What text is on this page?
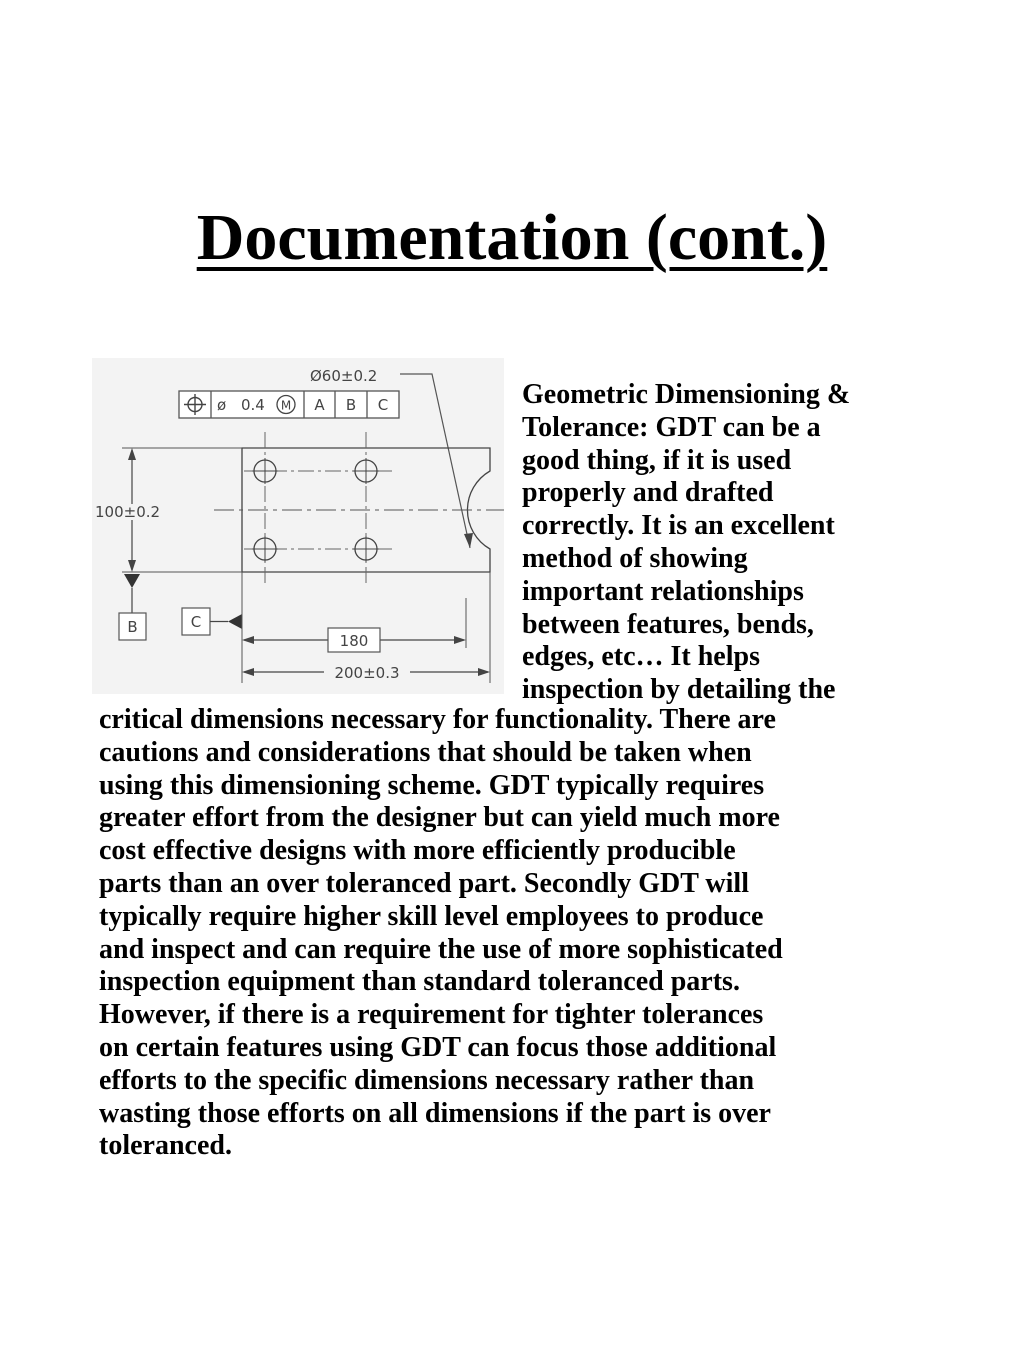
Documentation (cont.)
ø 0.4 M A B C
Ø60±0.2
100±0.2
B	C
180
200±0.3

Geometric Dimensioning &
Tolerance: GDT can be a
good thing, if it is used
properly and drafted
correctly. It is an excellent
method of showing
important relationships
between features, bends,
edges, etc… It helps
inspection by detailing the

critical dimensions necessary for functionality. There are
cautions and considerations that should be taken when
using this dimensioning scheme. GDT typically requires
greater effort from the designer but can yield much more
cost effective designs with more efficiently producible
parts than an over toleranced part. Secondly GDT will
typically require higher skill level employees to produce
and inspect and can require the use of more sophisticated
inspection equipment than standard toleranced parts.
However, if there is a requirement for tighter tolerances
on certain features using GDT can focus those additional
efforts to the specific dimensions necessary rather than
wasting those efforts on all dimensions if the part is over
toleranced.
